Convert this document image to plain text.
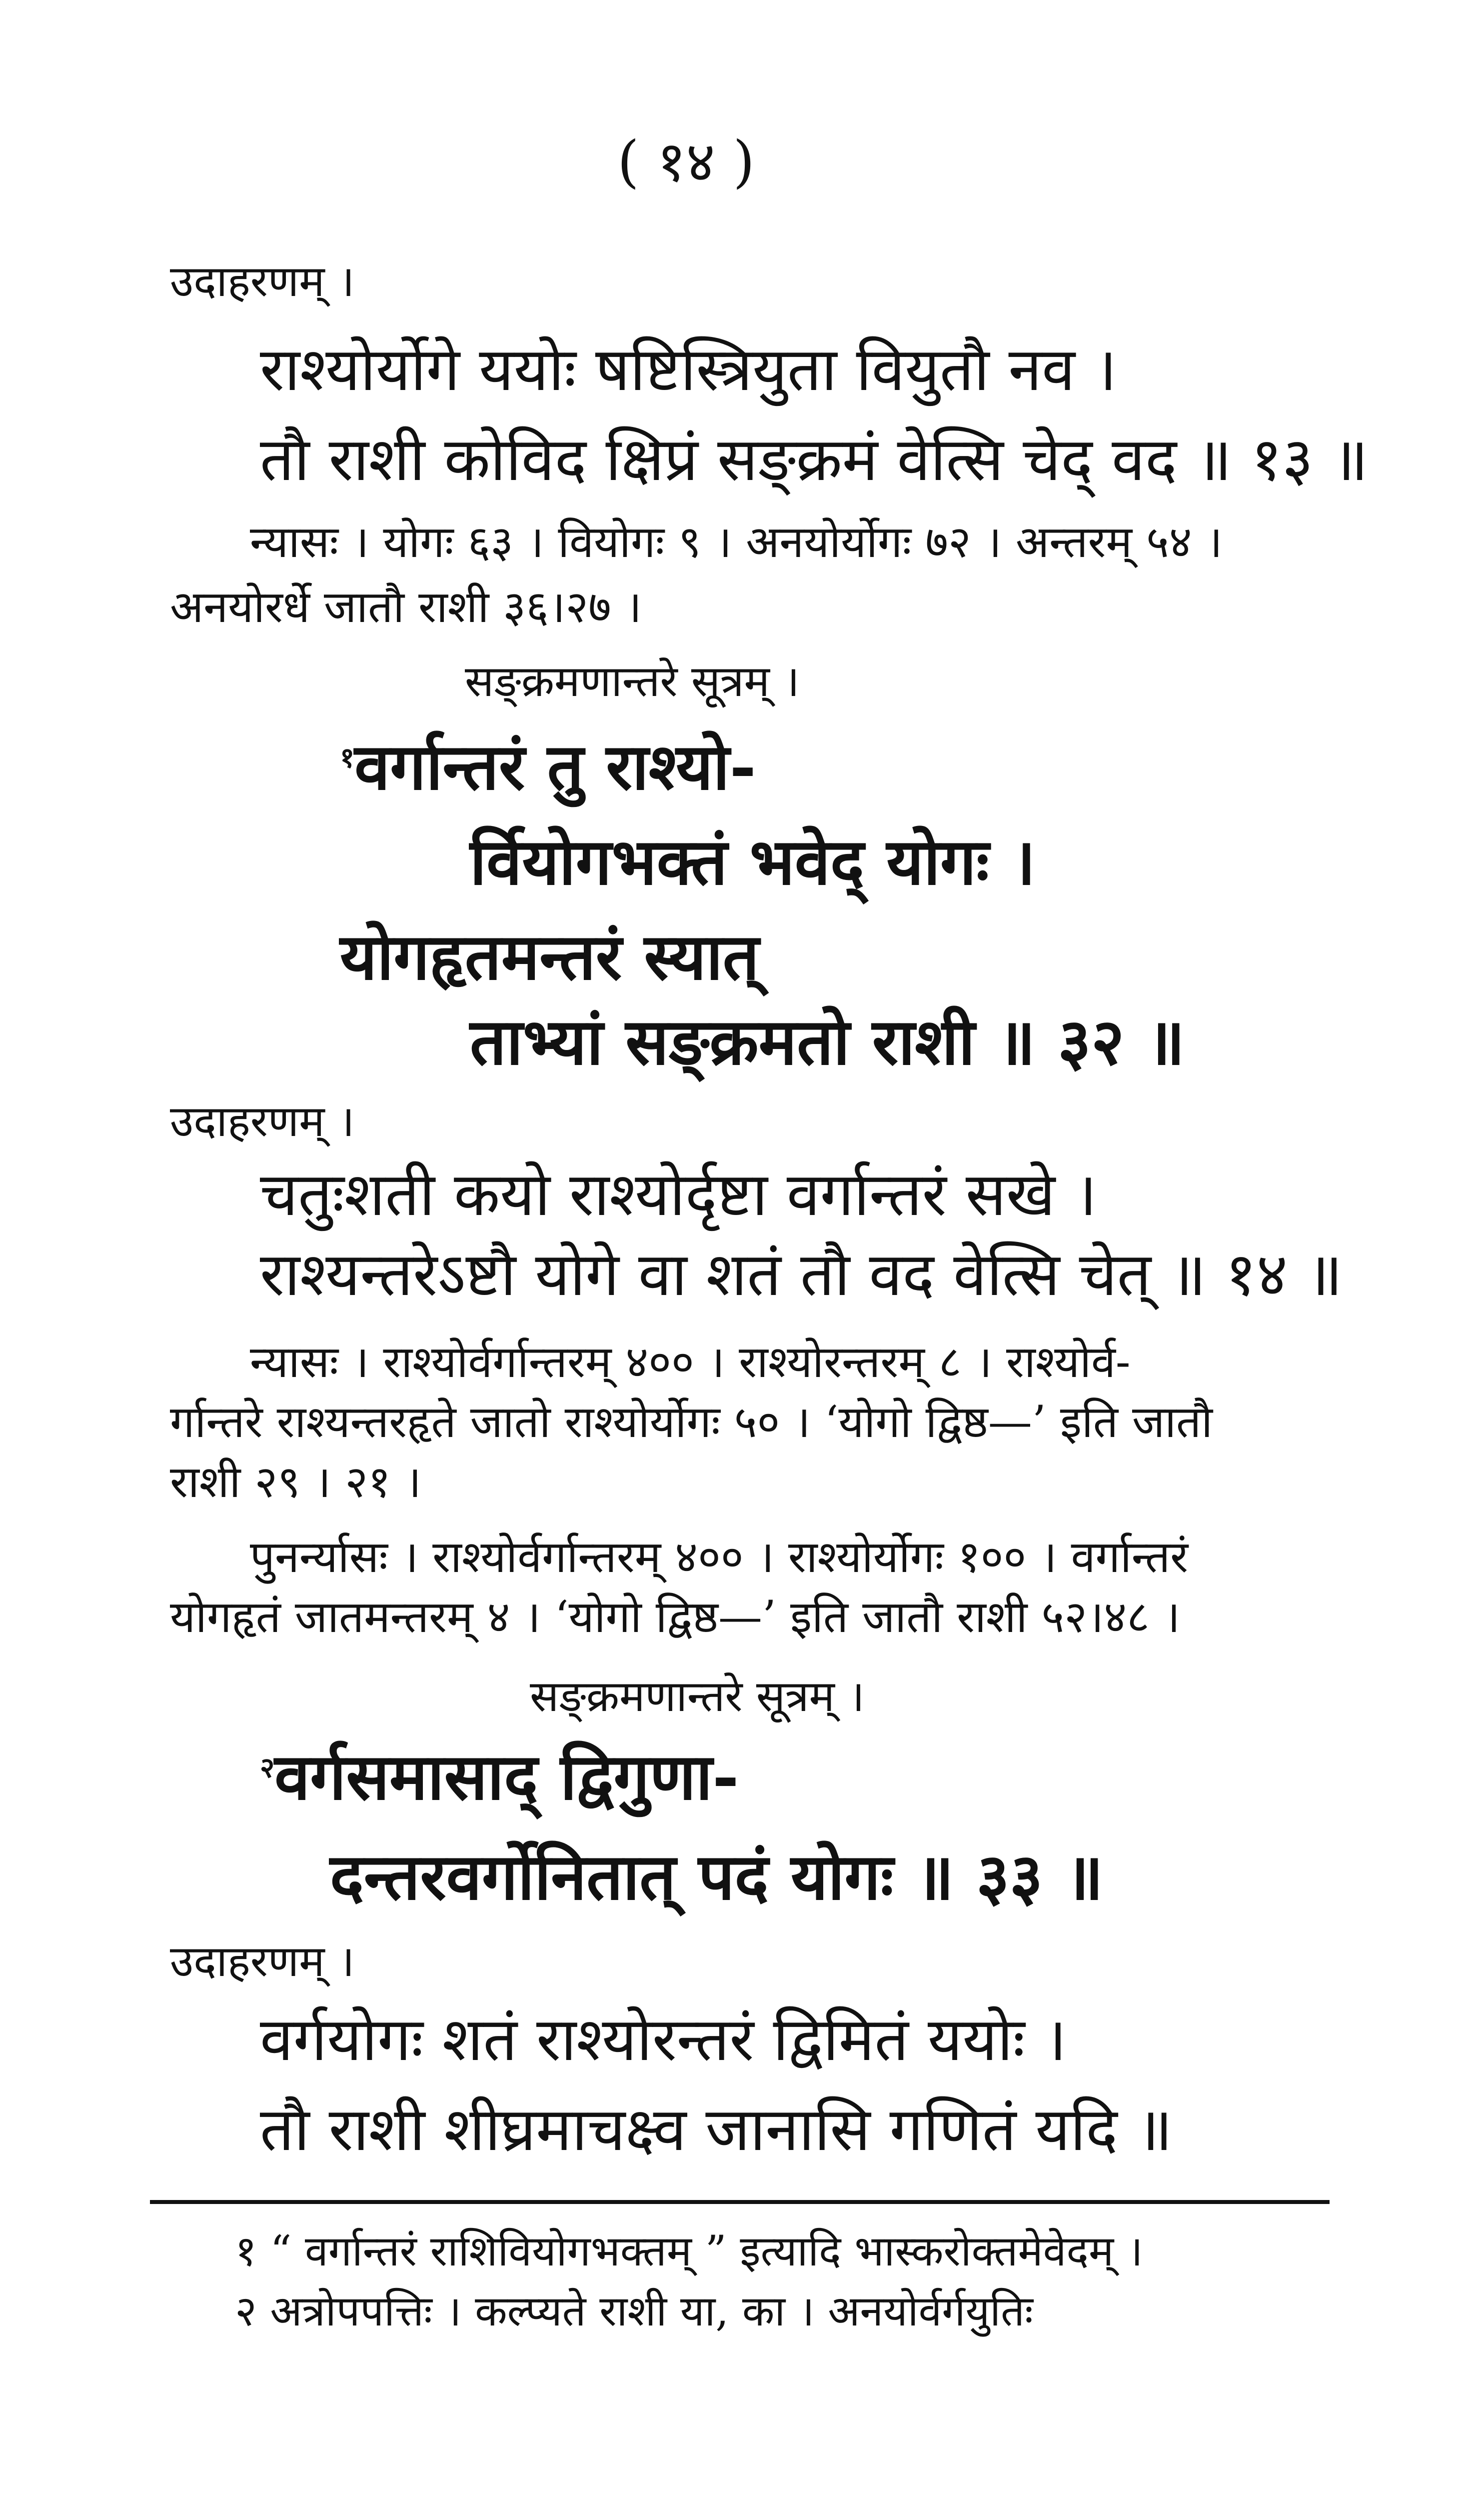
( १४ )
उदाहरणम् ।
राश्योर्योगे ययोः षष्टिस्त्रियुता वियुतौ नव ।
तौ राशी कोविद क्षिप्रं सङ्क्रमं वेत्सि चेद् वद ॥ १३ ॥
न्यासः । योगः ६३ । वियोगः ९ । अनयोर्योगः ७२ । अन्तरम् ५४ ।
अनयोरर्धे जातौ राशी ३६।२७ ।
सङ्क्रमणान्तरे सूत्रम् ।
$^१$वर्गान्तरं तु राश्यो-
र्वियोगभक्तं भवेद् योगः ।
योगहृतमन्तरं स्यात्
ताभ्यां सङ्क्रमतो राशी ॥ ३२ ॥
उदाहरणम् ।
चतुःशती कयो राश्योर्दृष्टा वर्गान्तरं सखे ।
राश्यन्तरेऽष्टौ योगे वा शतं तौ वद वेत्सि चेत् ॥ १४ ॥
न्यासः । राश्योर्वर्गान्तरम् ४०० । राश्योरन्तरम् ८ । राश्योर्व-
र्गान्तरे राश्यन्तरहृते जातो राश्योर्योगः ५० । ‘योगो द्विष्ठ—’ इति जातौ
राशी २९ । २१ ।
पुनर्न्यासः । राश्योर्वर्गान्तरम् ४०० । राश्योर्योगः १०० । वर्गान्तरं
योगहृतं जातमन्तरम् ४ । ‘योगो द्विष्ठ—’ इति जातौ राशी ५२।४८ ।
सङ्क्रमणान्तरे सूत्रम् ।
$^२$वर्गसमासाद् द्विगुणा-
दन्तरवर्गोनितात् पदं योगः ॥ ३३ ॥
उदाहरणम् ।
वर्गयोगः शतं राश्योरन्तरं द्विमितं ययोः ।
तौ राशी शीघ्रमाचक्ष्व जानासि गणितं यदि ॥
१ “ वर्गान्तरं राशिवियोगभक्तम् ” इत्यादि भास्करोक्तमेवेदम् ।
२ अत्रोपपत्तिः । कल्प्यते राशी या, का । अनयोर्वर्गयुतिः
